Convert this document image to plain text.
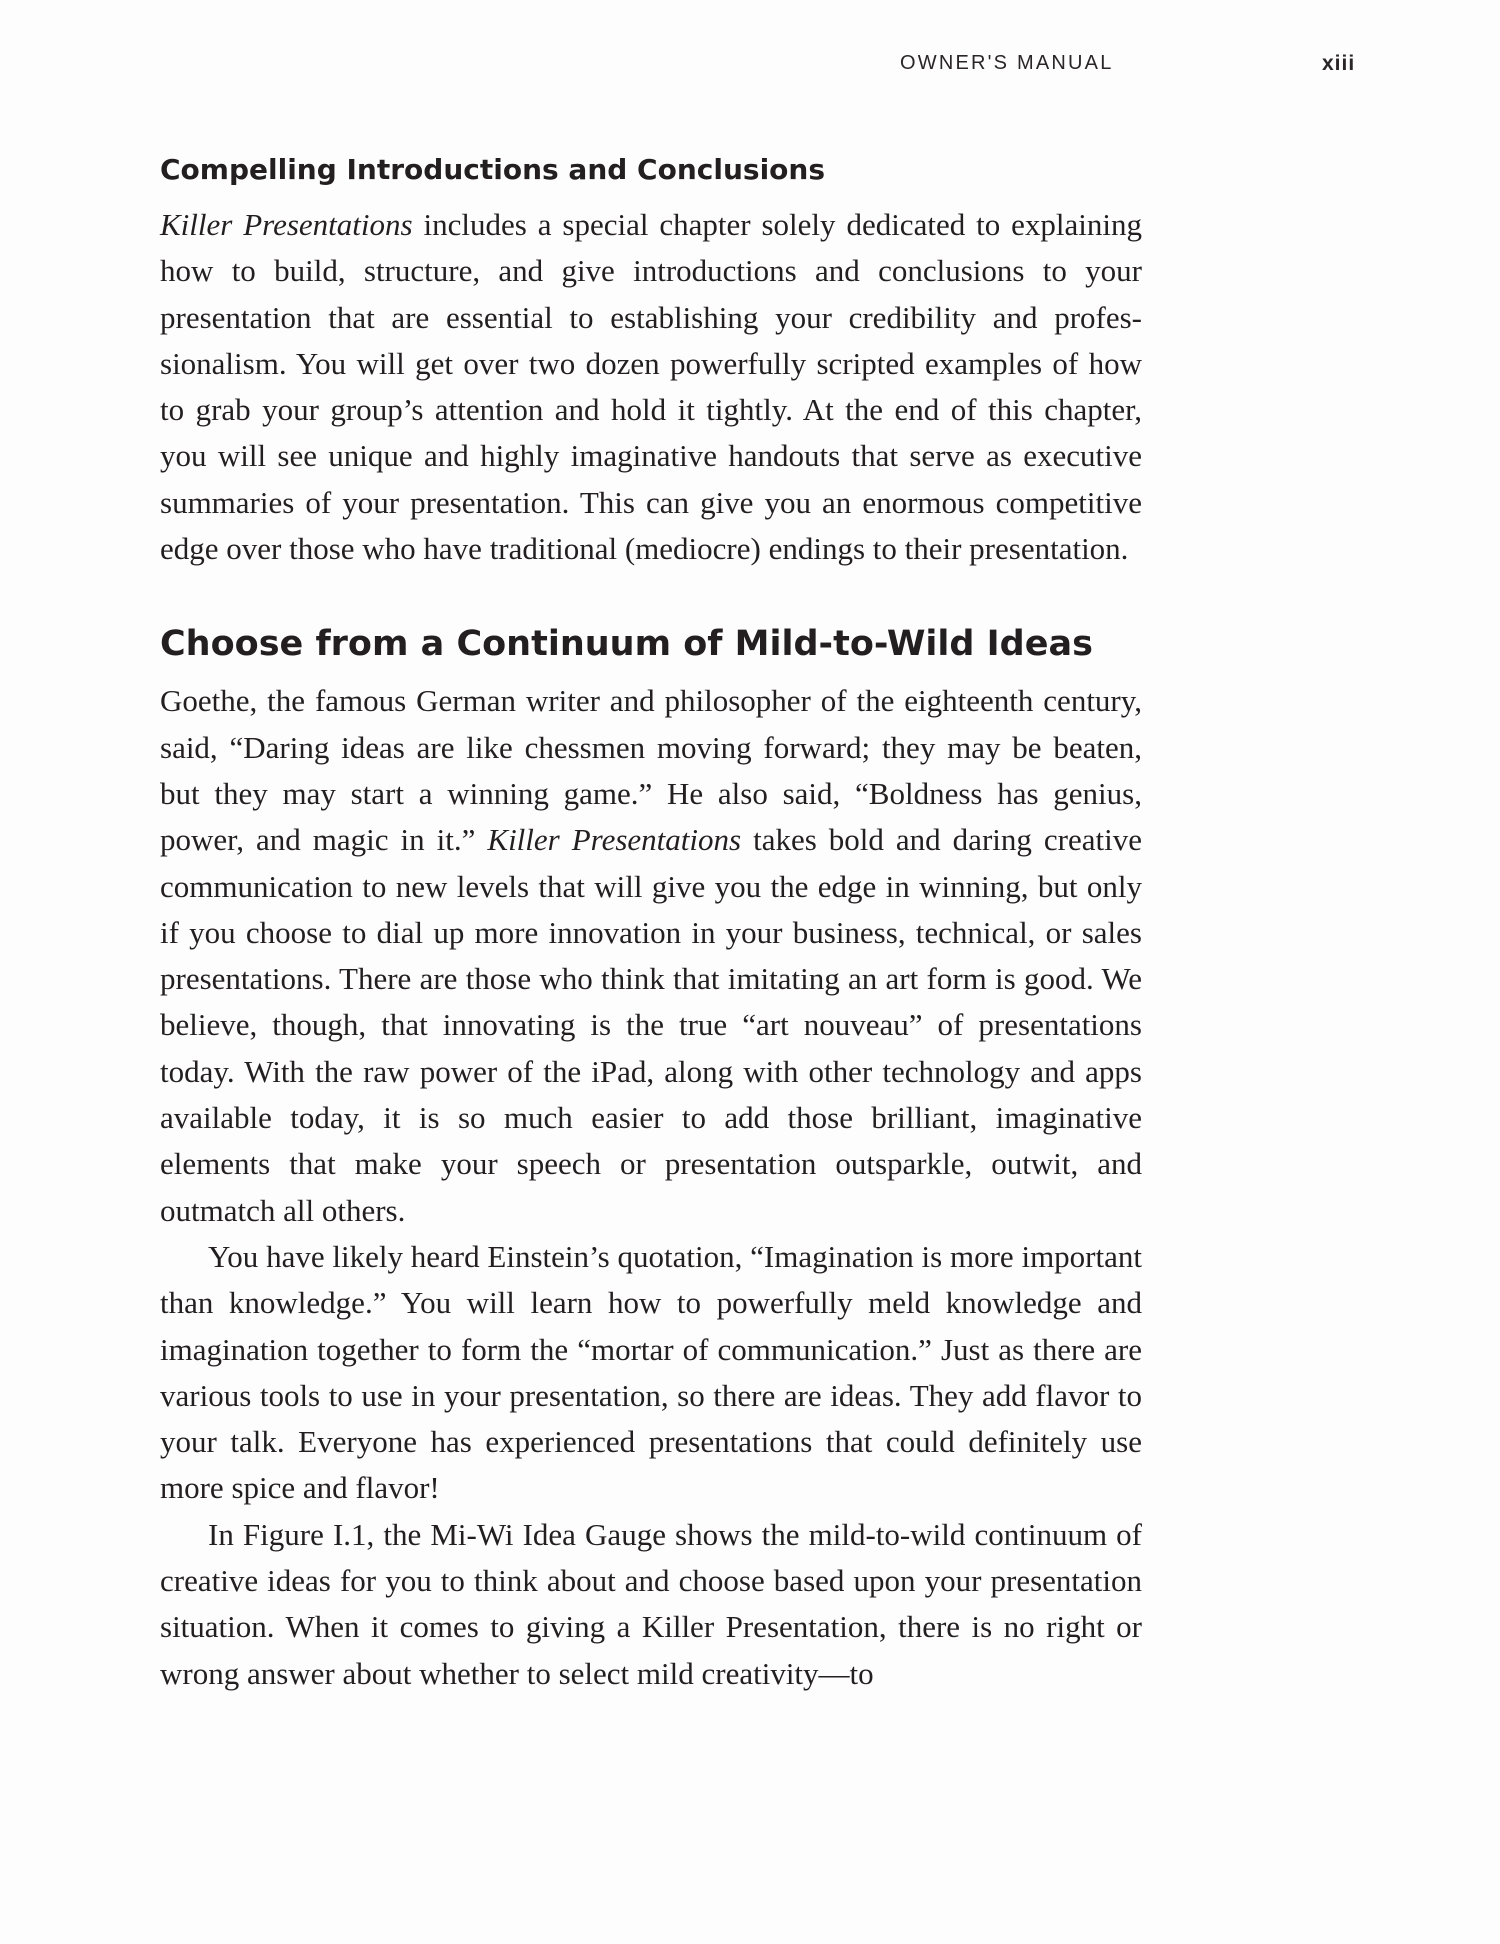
OWNER'S MANUAL	xiii
Compelling Introductions and Conclusions

Killer Presentations includes a special chapter solely dedicated to explaining how to build, structure, and give introductions and conclusions to your presentation that are essential to establishing your credibility and professionalism. You will get over two dozen powerfully scripted examples of how to grab your group’s attention and hold it tightly. At the end of this chapter, you will see unique and highly imaginative handouts that serve as executive summaries of your presentation. This can give you an enormous competitive edge over those who have traditional (mediocre) endings to their presentation.

Choose from a Continuum of Mild-to-Wild Ideas

Goethe, the famous German writer and philosopher of the eighteenth century, said, “Daring ideas are like chessmen moving forward; they may be beaten, but they may start a winning game.” He also said, “Boldness has genius, power, and magic in it.” Killer Presentations takes bold and daring creative communication to new levels that will give you the edge in winning, but only if you choose to dial up more innovation in your business, technical, or sales presentations. There are those who think that imitating an art form is good. We believe, though, that innovating is the true “art nouveau” of presentations today. With the raw power of the iPad, along with other technology and apps available today, it is so much easier to add those brilliant, imaginative elements that make your speech or presentation outsparkle, outwit, and outmatch all others.

You have likely heard Einstein’s quotation, “Imagination is more important than knowledge.” You will learn how to powerfully meld knowledge and imagination together to form the “mortar of communication.” Just as there are various tools to use in your presentation, so there are ideas. They add flavor to your talk. Everyone has experienced presentations that could definitely use more spice and flavor!

In Figure I.1, the Mi-Wi Idea Gauge shows the mild-to-wild continuum of creative ideas for you to think about and choose based upon your presentation situation. When it comes to giving a Killer Presentation, there is no right or wrong answer about whether to select mild creativity—to
